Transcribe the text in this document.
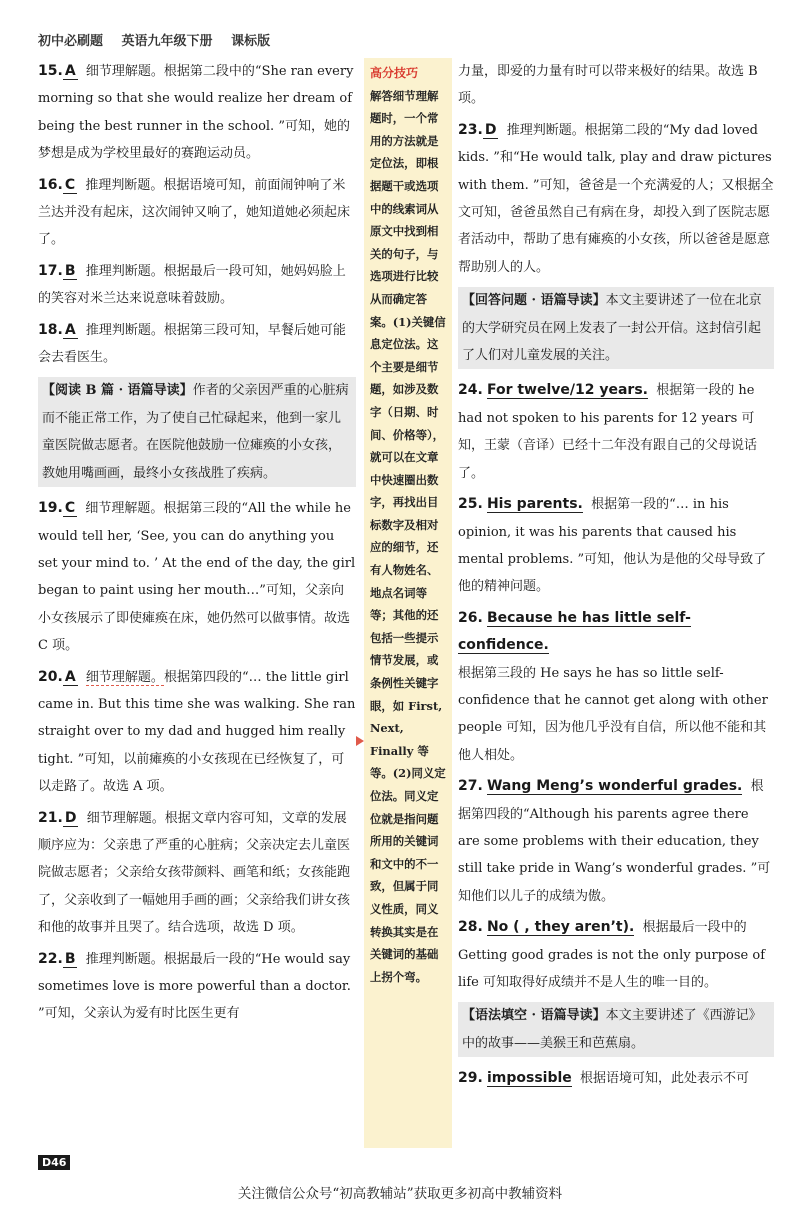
初中必刷题 英语九年级下册 课标版

15. A 细节理解题。根据第二段中的“She ran every morning so that she would realize her dream of being the best runner in the school. ”可知，她的梦想是成为学校里最好的赛跑运动员。

16. C 推理判断题。根据语境可知，前面闹钟响了米兰达并没有起床，这次闹钟又响了，她知道她必须起床了。

17. B 推理判断题。根据最后一段可知，她妈妈脸上的笑容对米兰达来说意味着鼓励。

18. A 推理判断题。根据第三段可知，早餐后她可能会去看医生。

【阅读 B 篇 · 语篇导读】作者的父亲因严重的心脏病而不能正常工作，为了使自己忙碌起来，他到一家儿童医院做志愿者。在医院他鼓励一位瘫痪的小女孩，教她用嘴画画，最终小女孩战胜了疾病。

19. C 细节理解题。根据第三段的“All the while he would tell her, ‘See, you can do anything you set your mind to. ’ At the end of the day, the girl began to paint using her mouth…”可知，父亲向小女孩展示了即使瘫痪在床，她仍然可以做事情。故选 C 项。

20. A 细节理解题。根据第四段的“… the little girl came in. But this time she was walking. She ran straight over to my dad and hugged him really tight. ”可知，以前瘫痪的小女孩现在已经恢复了，可以走路了。故选 A 项。

21. D 细节理解题。根据文章内容可知，文章的发展顺序应为：父亲患了严重的心脏病；父亲决定去儿童医院做志愿者；父亲给女孩带颜料、画笔和纸；女孩能跑了，父亲收到了一幅她用手画的画；父亲给我们讲女孩和他的故事并且哭了。结合选项，故选 D 项。

22. B 推理判断题。根据最后一段的“He would say sometimes love is more powerful than a doctor. ”可知，父亲认为爱有时比医生更有

高分技巧
解答细节理解题时，一个常用的方法就是定位法，即根据题干或选项中的线索词从原文中找到相关的句子，与选项进行比较从而确定答案。(1)关键信息定位法。这个主要是细节题，如涉及数字（日期、时间、价格等），就可以在文章中快速圈出数字，再找出目标数字及相对应的细节，还有人物姓名、地点名词等等；其他的还包括一些提示情节发展，或条例性关键字眼，如 First, Next, Finally 等等。(2)同义定位法。同义定位就是指问题所用的关键词和文中的不一致，但属于同义性质，同义转换其实是在关键词的基础上拐个弯。

力量，即爱的力量有时可以带来极好的结果。故选 B 项。

23. D 推理判断题。根据第二段的“My dad loved kids. ”和“He would talk, play and draw pictures with them. ”可知，爸爸是一个充满爱的人；又根据全文可知，爸爸虽然自己有病在身，却投入到了医院志愿者活动中，帮助了患有瘫痪的小女孩，所以爸爸是愿意帮助别人的人。

【回答问题 · 语篇导读】本文主要讲述了一位在北京的大学研究员在网上发表了一封公开信。这封信引起了人们对儿童发展的关注。

24. For twelve/12 years. 根据第一段的 he had not spoken to his parents for 12 years 可知，王蒙（音译）已经十二年没有跟自己的父母说话了。

25. His parents. 根据第一段的“… in his opinion, it was his parents that caused his mental problems. ”可知，他认为是他的父母导致了他的精神问题。

26. Because he has little self-confidence.
根据第三段的 He says he has so little self-confidence that he cannot get along with other people 可知，因为他几乎没有自信，所以他不能和其他人相处。

27. Wang Meng’s wonderful grades. 根据第四段的“Although his parents agree there are some problems with their education, they still take pride in Wang’s wonderful grades. ”可知他们以儿子的成绩为傲。

28. No ( , they aren’t). 根据最后一段中的 Getting good grades is not the only purpose of life 可知取得好成绩并不是人生的唯一目的。

【语法填空 · 语篇导读】本文主要讲述了《西游记》中的故事——美猴王和芭蕉扇。

29. impossible 根据语境可知，此处表示不可

D46
关注微信公众号“初高教辅站”获取更多初高中教辅资料
